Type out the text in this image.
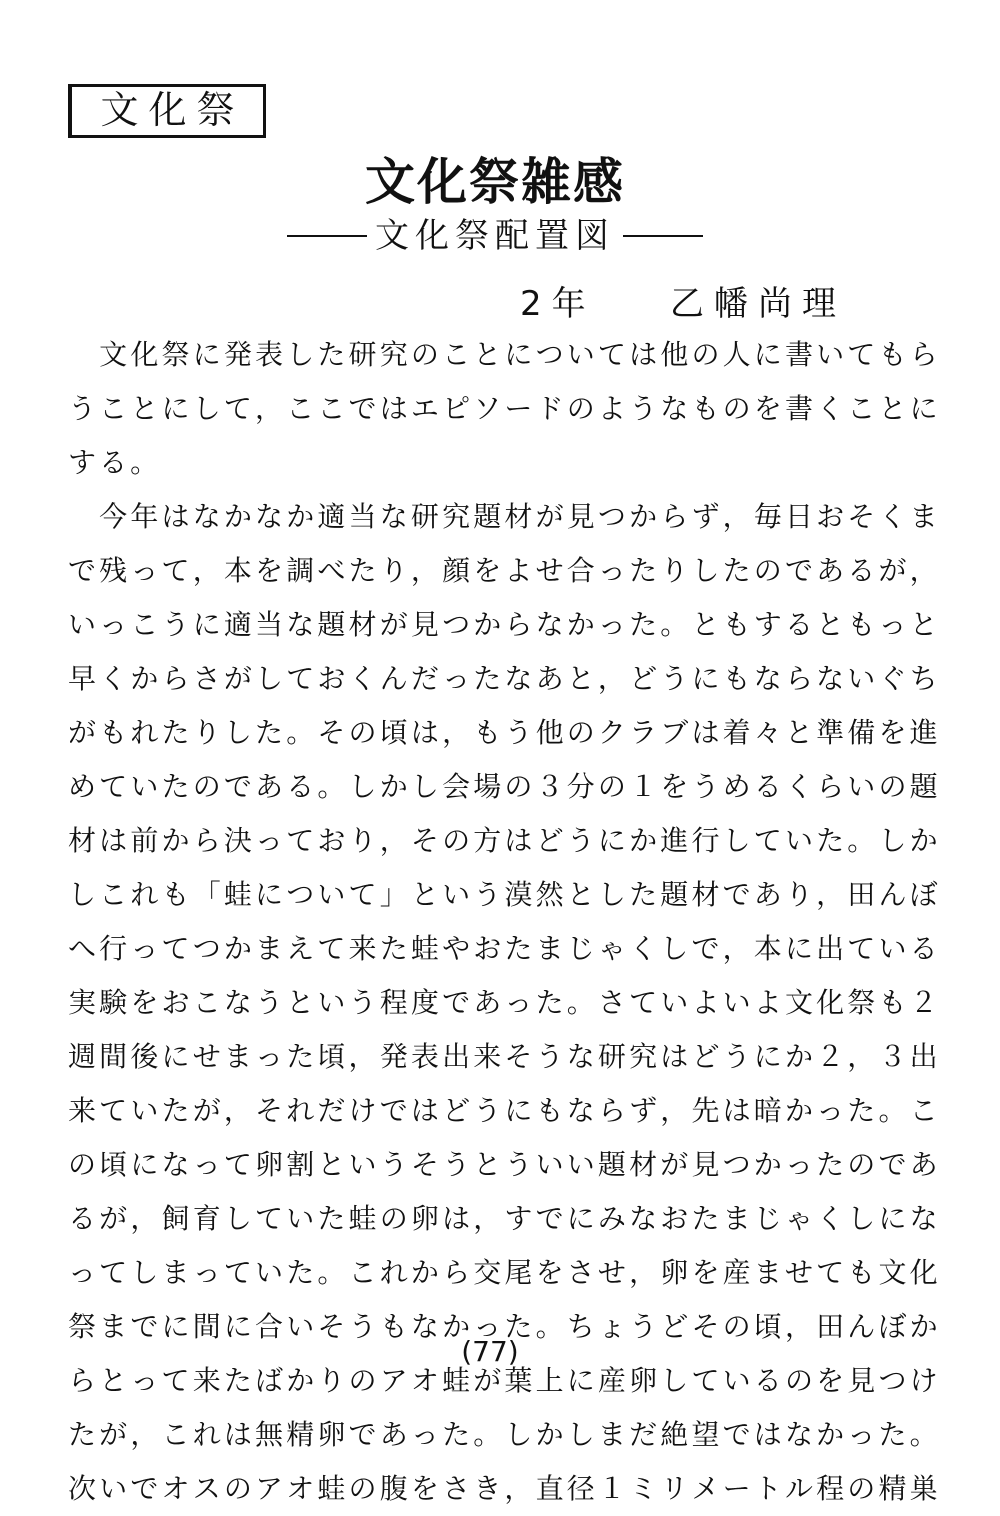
文化祭
文化祭雑感
文化祭配置図
2年 乙幡尚理

文 化 祭 に 発 表 し た 研 究 の こ と に つ い て は 他 の 人 に 書 い て も ら
う こ と に し て ， こ こ で は エ ピ ソ ー ド の よ う な も の を 書 く こ と に
す る 。

今 年 は な か な か 適 当 な 研 究 題 材 が 見 つ か ら ず ， 毎 日 お そ く ま
で 残 っ て ， 本 を 調 べ た り ， 顔 を よ せ 合 っ た り し た の で あ る が ，
い っ こ う に 適 当 な 題 材 が 見 つ か ら な か っ た 。 と も す る と も っ と
早 く か ら さ が し て お く ん だ っ た な あ と ， ど う に も な ら な い ぐ ち
が も れ た り し た 。 そ の 頃 は ， も う 他 の ク ラ ブ は 着 々 と 準 備 を 進
め て い た の で あ る 。 し か し 会 場 の ３ 分 の １ を う め る く ら い の 題
材 は 前 か ら 決 っ て お り ， そ の 方 は ど う に か 進 行 し て い た 。 し か
し こ れ も 「 蛙 に つ い て 」 と い う 漠 然 と し た 題 材 で あ り ， 田 ん ぼ
へ 行 っ て つ か ま え て 来 た 蛙 や お た ま じ ゃ く し で ， 本 に 出 て い る
実 験 を お こ な う と い う 程 度 で あ っ た 。 さ て い よ い よ 文 化 祭 も ２
週 間 後 に せ ま っ た 頃 ， 発 表 出 来 そ う な 研 究 は ど う に か ２ ， ３ 出
来 て い た が ， そ れ だ け で は ど う に も な ら ず ， 先 は 暗 か っ た 。 こ
の 頃 に な っ て 卵 割 と い う そ う と う い い 題 材 が 見 つ か っ た の で あ
る が ， 飼 育 し て い た 蛙 の 卵 は ， す で に み な お た ま じ ゃ く し に な
っ て し ま っ て い た 。 こ れ か ら 交 尾 を さ せ ， 卵 を 産 ま せ て も 文 化
祭 ま で に 間 に 合 い そ う も な か っ た 。 ち ょ う ど そ の 頃 ， 田 ん ぼ か
ら と っ て 来 た ば か り の ア オ 蛙 が 葉 上 に 産 卵 し て い る の を 見 つ け
た が ， こ れ は 無 精 卵 で あ っ た 。 し か し ま だ 絶 望 で は な か っ た 。
次 い で オ ス の ア オ 蛙 の 腹 を さ き ， 直 径 １ ミ リ メ ー ト ル 程 の 精 巣
(77)
